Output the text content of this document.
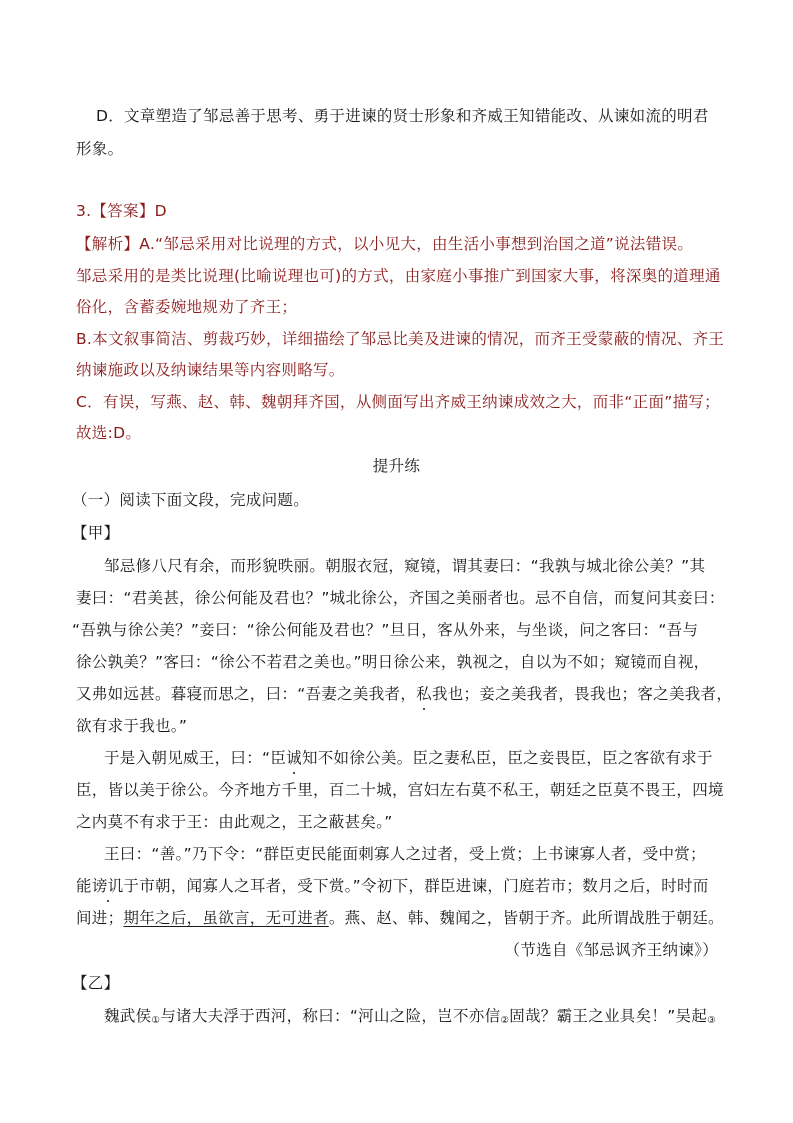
D．文章塑造了邹忌善于思考、勇于进谏的贤士形象和齐威王知错能改、从谏如流的明君
形象。
3.【答案】D
【解析】A.“邹忌采用对比说理的方式，以小见大，由生活小事想到治国之道”说法错误。
邹忌采用的是类比说理(比喻说理也可)的方式，由家庭小事推广到国家大事，将深奥的道理通
俗化，含蓄委婉地规劝了齐王；
B.本文叙事简洁、剪裁巧妙，详细描绘了邹忌比美及进谏的情况，而齐王受蒙蔽的情况、齐王
纳谏施政以及纳谏结果等内容则略写。
C．有误，写燕、赵、韩、魏朝拜齐国，从侧面写出齐威王纳谏成效之大，而非“正面”描写；
故选:D。
提升练
（一）阅读下面文段，完成问题。
【甲】
邹忌修八尺有余，而形貌昳丽。朝服衣冠，窥镜，谓其妻曰：“我孰与城北徐公美？”其
妻曰：“君美甚，徐公何能及君也？”城北徐公，齐国之美丽者也。忌不自信，而复问其妾曰：
“吾孰与徐公美？”妾曰：“徐公何能及君也？”旦日，客从外来，与坐谈，问之客曰：“吾与
徐公孰美？”客曰：“徐公不若君之美也。”明日徐公来，孰视之，自以为不如；窥镜而自视，
又弗如远甚。暮寝而思之，曰：“吾妻之美我者，私我也；妾之美我者，畏我也；客之美我者，
欲有求于我也。”
于是入朝见威王，曰：“臣诚知不如徐公美。臣之妻私臣，臣之妾畏臣，臣之客欲有求于
臣，皆以美于徐公。今齐地方千里，百二十城，宫妇左右莫不私王，朝廷之臣莫不畏王，四境
之内莫不有求于王：由此观之，王之蔽甚矣。”
王曰：“善。”乃下令：“群臣吏民能面刺寡人之过者，受上赏；上书谏寡人者，受中赏；
能谤讥于市朝，闻寡人之耳者，受下赏。”令初下，群臣进谏，门庭若市；数月之后，时时而
间进；期年之后，虽欲言，无可进者。燕、赵、韩、魏闻之，皆朝于齐。此所谓战胜于朝廷。
（节选自《邹忌讽齐王纳谏》）
【乙】
魏武侯$_①$与诸大夫浮于西河，称曰：“河山之险，岂不亦信$_②$固哉？霸王之业具矣！”吴起$_③$
